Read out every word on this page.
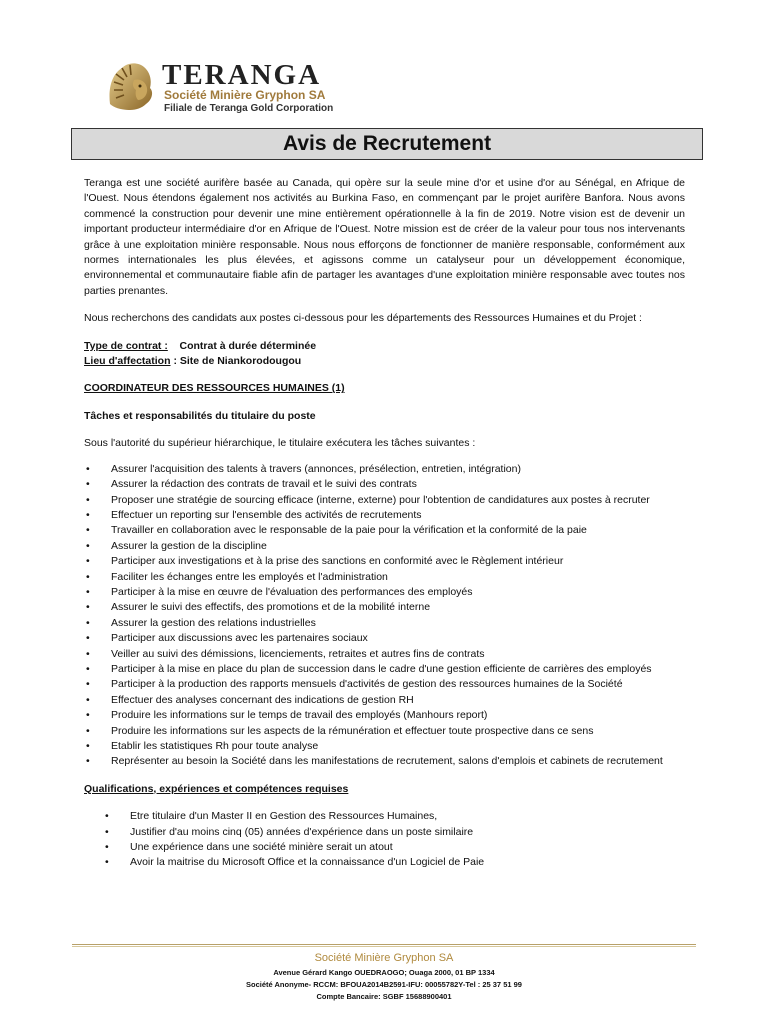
TERANGA
Société Minière Gryphon SA
Filiale de Teranga Gold Corporation
Avis de Recrutement

Teranga est une société aurifère basée au Canada, qui opère sur la seule mine d'or et usine d'or au Sénégal, en Afrique de l'Ouest. Nous étendons également nos activités au Burkina Faso, en commençant par le projet aurifère Banfora. Nous avons commencé la construction pour devenir une mine entièrement opérationnelle à la fin de 2019. Notre vision est de devenir un important producteur intermédiaire d'or en Afrique de l'Ouest. Notre mission est de créer de la valeur pour tous nos intervenants grâce à une exploitation minière responsable. Nous nous efforçons de fonctionner de manière responsable, conformément aux normes internationales les plus élevées, et agissons comme un catalyseur pour un développement économique, environnemental et communautaire fiable afin de partager les avantages d'une exploitation minière responsable avec toutes nos parties prenantes.

Nous recherchons des candidats aux postes ci-dessous pour les départements des Ressources Humaines et du Projet :

Type de contrat : Contrat à durée déterminée

Lieu d'affectation : Site de Niankorodougou

COORDINATEUR DES RESSOURCES HUMAINES (1)

Tâches et responsabilités du titulaire du poste

Sous l'autorité du supérieur hiérarchique, le titulaire exécutera les tâches suivantes :

• Assurer l'acquisition des talents à travers (annonces, présélection, entretien, intégration)
• Assurer la rédaction des contrats de travail et le suivi des contrats
• Proposer une stratégie de sourcing efficace (interne, externe) pour l'obtention de candidatures aux postes à recruter
• Effectuer un reporting sur l'ensemble des activités de recrutements
• Travailler en collaboration avec le responsable de la paie pour la vérification et la conformité de la paie
• Assurer la gestion de la discipline
• Participer aux investigations et à la prise des sanctions en conformité avec le Règlement intérieur
• Faciliter les échanges entre les employés et l'administration
• Participer à la mise en œuvre de l'évaluation des performances des employés
• Assurer le suivi des effectifs, des promotions et de la mobilité interne
• Assurer la gestion des relations industrielles
• Participer aux discussions avec les partenaires sociaux
• Veiller au suivi des démissions, licenciements, retraites et autres fins de contrats
• Participer à la mise en place du plan de succession dans le cadre d'une gestion efficiente de carrières des employés
• Participer à la production des rapports mensuels d'activités de gestion des ressources humaines de la Société
• Effectuer des analyses concernant des indications de gestion RH
• Produire les informations sur le temps de travail des employés (Manhours report)
• Produire les informations sur les aspects de la rémunération et effectuer toute prospective dans ce sens
• Etablir les statistiques Rh pour toute analyse
• Représenter au besoin la Société dans les manifestations de recrutement, salons d'emplois et cabinets de recrutement

Qualifications, expériences et compétences requises

• Etre titulaire d'un Master II en Gestion des Ressources Humaines,
• Justifier d'au moins cinq (05) années d'expérience dans un poste similaire
• Une expérience dans une société minière serait un atout
• Avoir la maitrise du Microsoft Office et la connaissance d'un Logiciel de Paie
Société Minière Gryphon SA
Avenue Gérard Kango OUEDRAOGO; Ouaga 2000, 01 BP 1334
Société Anonyme- RCCM: BFOUA2014B2591-IFU: 00055782Y-Tel : 25 37 51 99
Compte Bancaire: SGBF 15688900401
